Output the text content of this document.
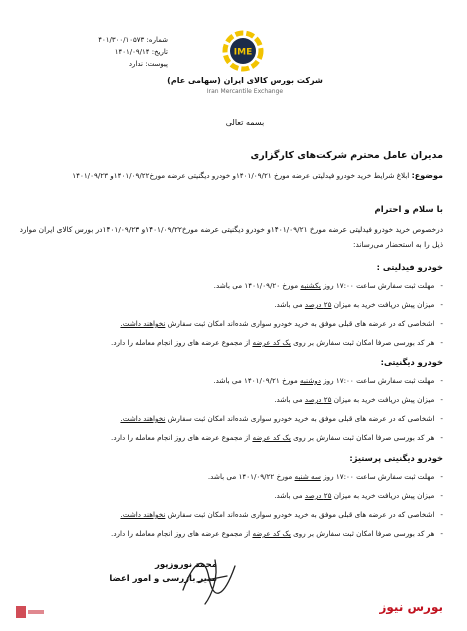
شماره: ۴۰۱/۳۰۰/۱۰۵۷۳
تاریخ: ۱۴۰۱/۰۹/۱۴
پیوست: ندارد
IME
شرکت بورس کالای ایران (سهامی عام)
Iran Mercantile Exchange
بسمه تعالی
مدیران عامل محترم شرکت‌های کارگزاری
موضوع: ابلاغ شرایط خرید خودرو فیدلیتی عرضه مورخ ۱۴۰۱/۰۹/۲۱و خودرو دیگنیتی عرضه مورخ۱۴۰۱/۰۹/۲۲و ۱۴۰۱/۰۹/۲۳
با سلام و احترام
درخصوص خرید خودرو فیدلیتی عرضه مورخ ۱۴۰۱/۰۹/۲۱و خودرو دیگنیتی عرضه مورخ۱۴۰۱/۰۹/۲۲و ۱۴۰۱/۰۹/۲۳در بورس کالای ایران موارد ذیل را به استحضار می‌رساند:
خودرو فیدلیتی :
-مهلت ثبت سفارش ساعت ۱۷:۰۰ روز یکشنبه مورخ ۱۴۰۱/۰۹/۲۰ می باشد.
-میزان پیش دریافت خرید به میزان ۲۵ درصد می باشد.
-اشخاصی که در عرضه های قبلی موفق به خرید خودرو سواری شده‌اند امکان ثبت سفارش نخواهند داشت.
-هر کد بورسی صرفا امکان ثبت سفارش بر روی یک کد عرضه از مجموع عرضه های روز انجام معامله را دارد.
خودرو دیگنیتی:
-مهلت ثبت سفارش ساعت ۱۷:۰۰ روز دوشنبه مورخ ۱۴۰۱/۰۹/۲۱ می باشد.
-میزان پیش دریافت خرید به میزان ۲۵ درصد می باشد.
-اشخاصی که در عرضه های قبلی موفق به خرید خودرو سواری شده‌اند امکان ثبت سفارش نخواهند داشت.
-هر کد بورسی صرفا امکان ثبت سفارش بر روی یک کد عرضه از مجموع عرضه های روز انجام معامله را دارد.
خودرو دیگنیتی پرستیژ:
-مهلت ثبت سفارش ساعت ۱۷:۰۰ روز سه شنبه مورخ ۱۴۰۱/۰۹/۲۲ می باشد.
-میزان پیش دریافت خرید به میزان ۲۵ درصد می باشد.
-اشخاصی که در عرضه های قبلی موفق به خرید خودرو سواری شده‌اند امکان ثبت سفارش نخواهند داشت.
-هر کد بورسی صرفا امکان ثبت سفارش بر روی یک کد عرضه از مجموع عرضه های روز انجام معامله را دارد.
محمد نوروزپور
مدیر بازرسی و امور اعضا
بورس نیوز
